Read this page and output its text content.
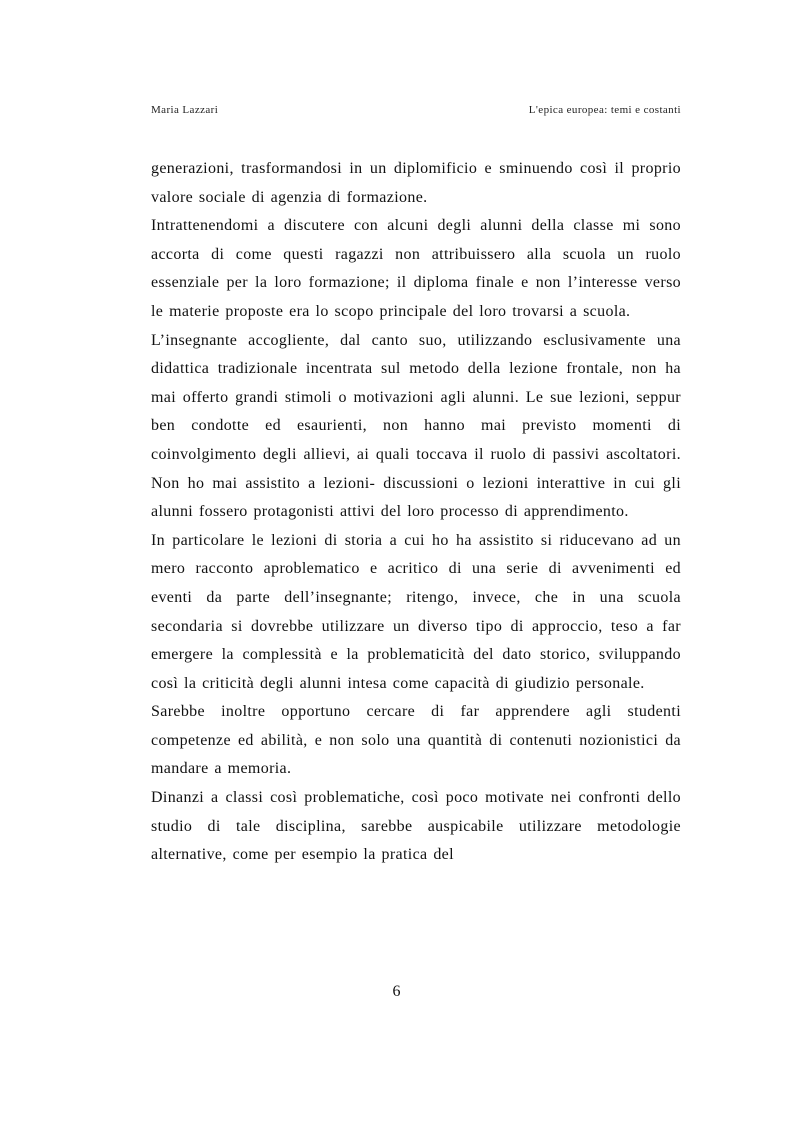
Maria Lazzari	L'epica europea: temi e costanti

generazioni, trasformandosi in un diplomificio e sminuendo così il proprio valore sociale di agenzia di formazione.

Intrattenendomi a discutere con alcuni degli alunni della classe mi sono accorta di come questi ragazzi non attribuissero alla scuola un ruolo essenziale per la loro formazione; il diploma finale e non l’interesse verso le materie proposte era lo scopo principale del loro trovarsi a scuola.

L’insegnante accogliente, dal canto suo, utilizzando esclusivamente una didattica tradizionale incentrata sul metodo della lezione frontale, non ha mai offerto grandi stimoli o motivazioni agli alunni. Le sue lezioni, seppur ben condotte ed esaurienti, non hanno mai previsto momenti di coinvolgimento degli allievi, ai quali toccava il ruolo di passivi ascoltatori. Non ho mai assistito a lezioni- discussioni o lezioni interattive in cui gli alunni fossero protagonisti attivi del loro processo di apprendimento.

In particolare le lezioni di storia a cui ho ha assistito si riducevano ad un mero racconto aproblematico e acritico di una serie di avvenimenti ed eventi da parte dell’insegnante; ritengo, invece, che in una scuola secondaria si dovrebbe utilizzare un diverso tipo di approccio, teso a far emergere la complessità e la problematicità del dato storico, sviluppando così la criticità degli alunni intesa come capacità di giudizio personale.

Sarebbe inoltre opportuno cercare di far apprendere agli studenti competenze ed abilità, e non solo una quantità di contenuti nozionistici da mandare a memoria.

Dinanzi a classi così problematiche, così poco motivate nei confronti dello studio di tale disciplina, sarebbe auspicabile utilizzare metodologie alternative, come per esempio la pratica del

6
